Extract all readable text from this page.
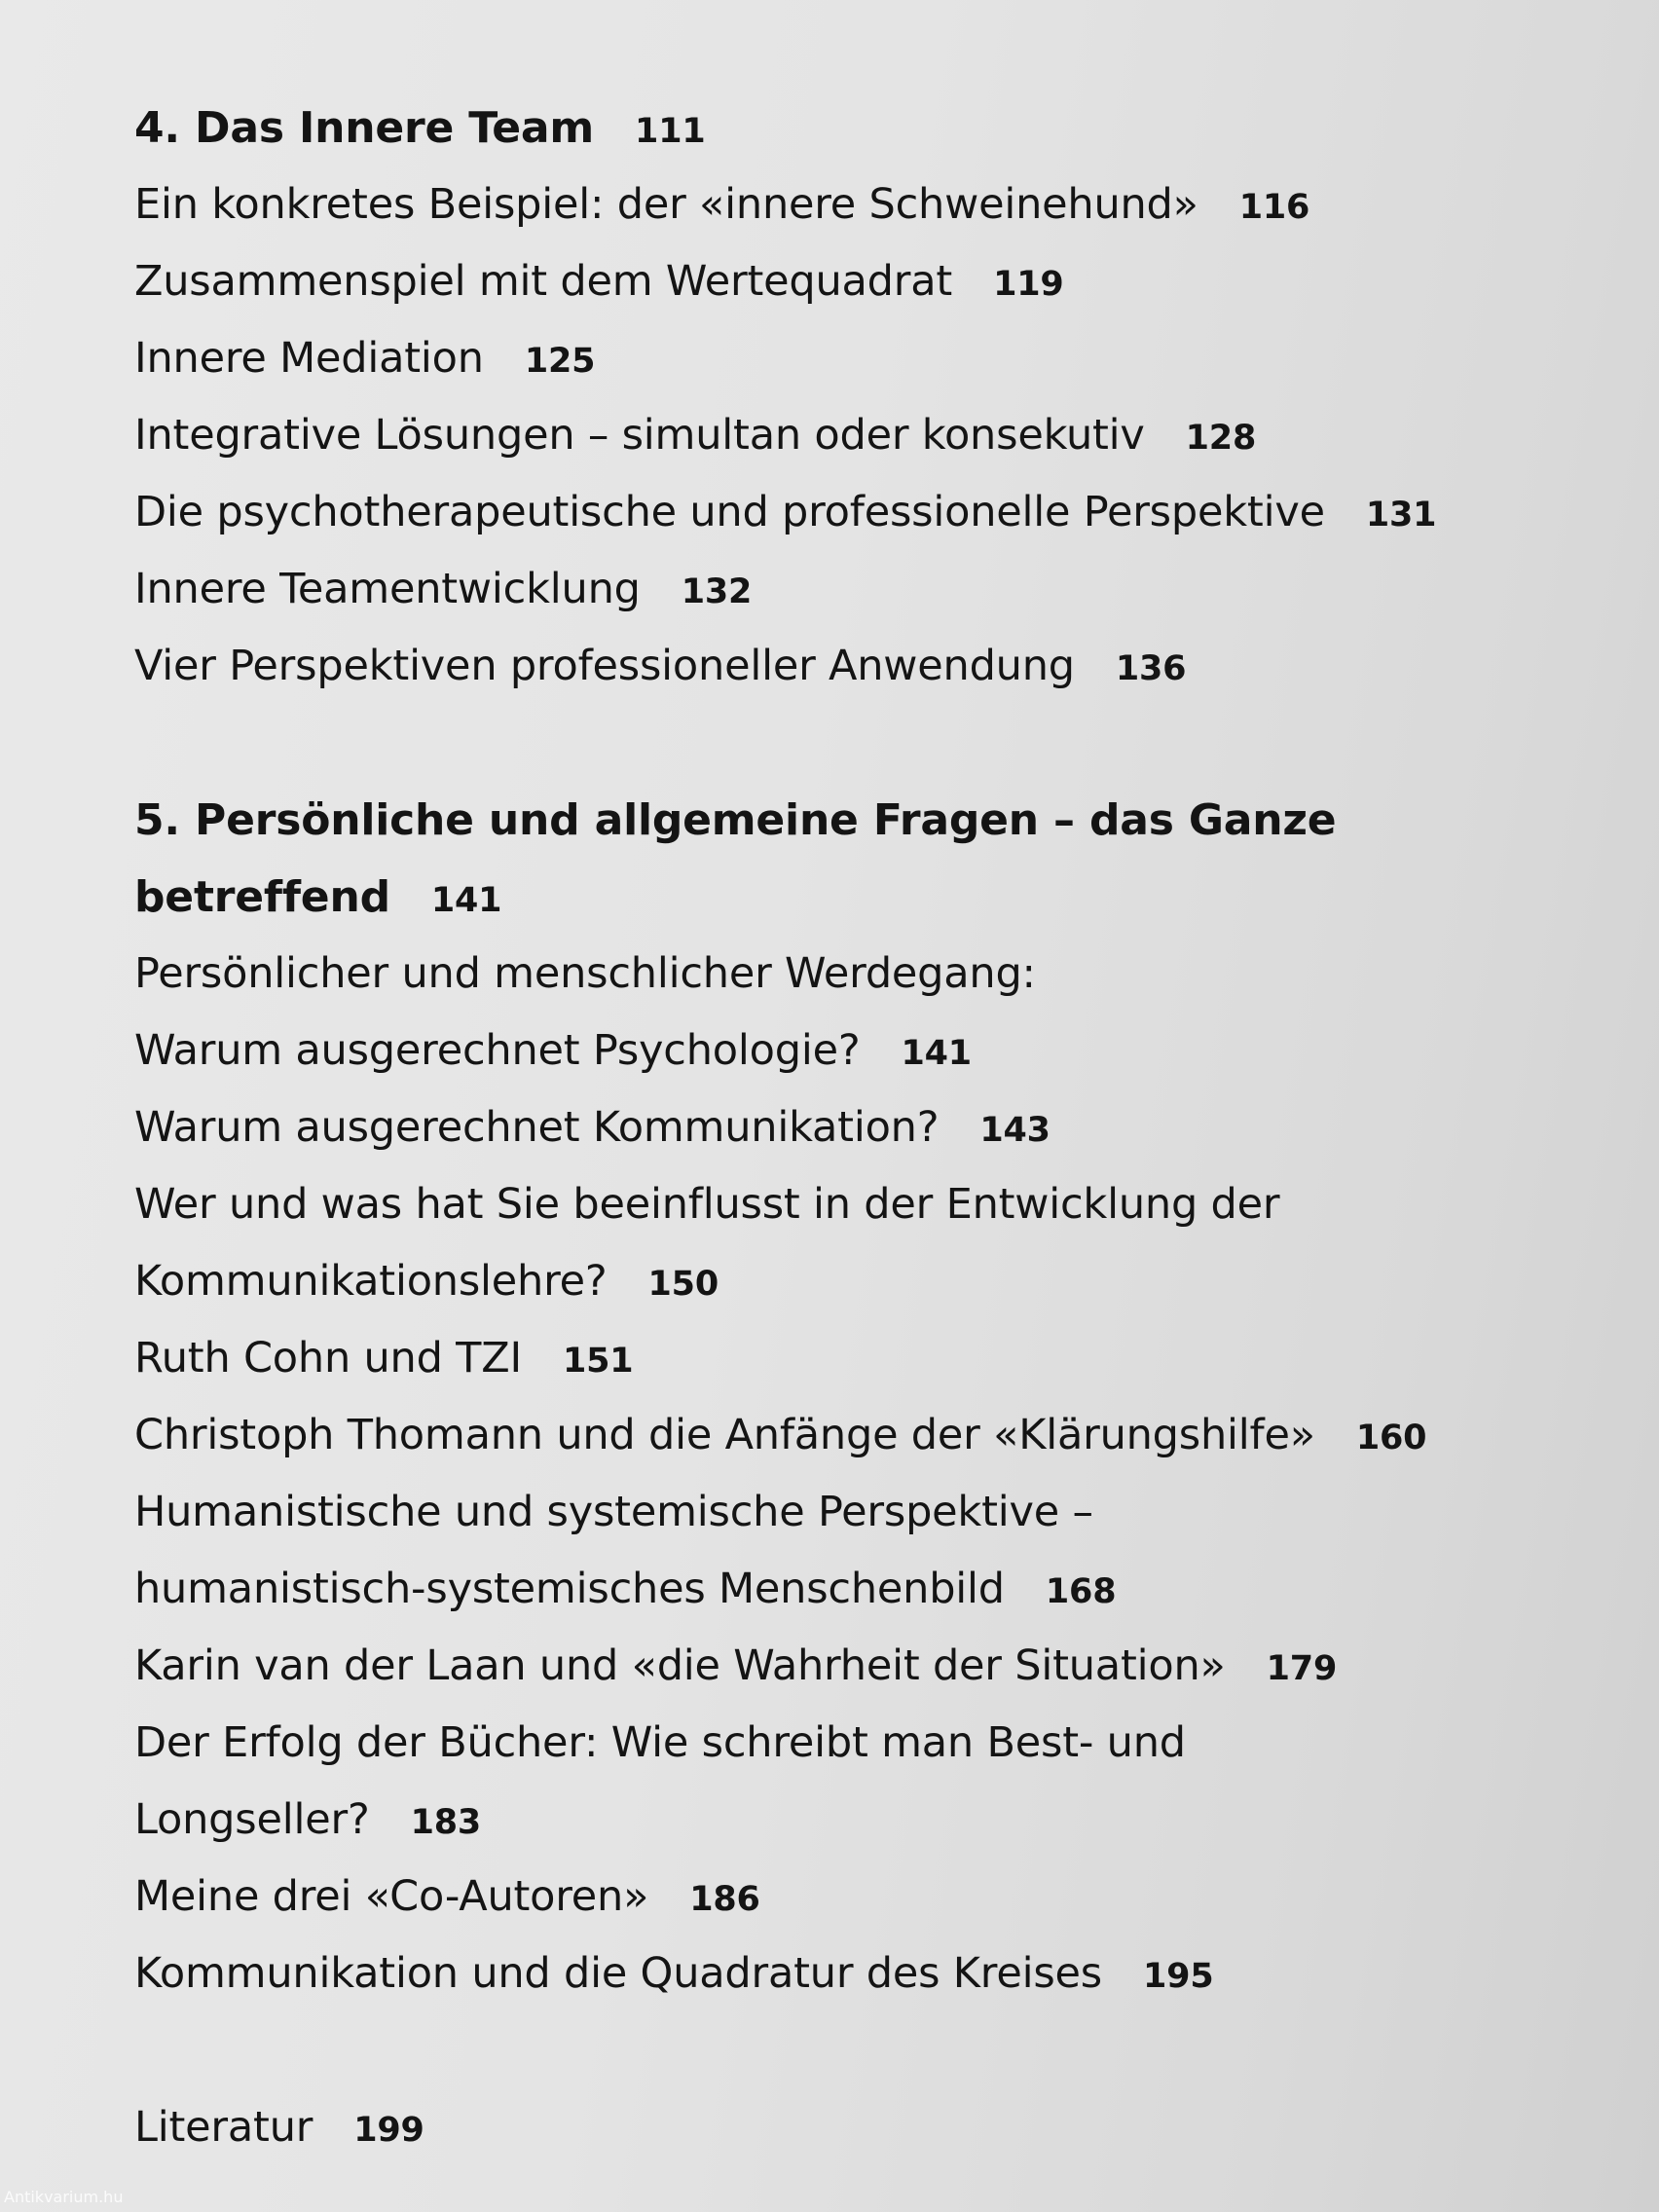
4. Das Innere Team 111
Ein konkretes Beispiel: der «innere Schweinehund» 116
Zusammenspiel mit dem Wertequadrat 119
Innere Mediation 125
Integrative Lösungen – simultan oder konsekutiv 128
Die psychotherapeutische und professionelle Perspektive 131
Innere Teamentwicklung 132
Vier Perspektiven professioneller Anwendung 136
5. Persönliche und allgemeine Fragen – das Ganze
betreffend 141
Persönlicher und menschlicher Werdegang:
Warum ausgerechnet Psychologie? 141
Warum ausgerechnet Kommunikation? 143
Wer und was hat Sie beeinflusst in der Entwicklung der
Kommunikationslehre? 150
Ruth Cohn und TZI 151
Christoph Thomann und die Anfänge der «Klärungshilfe» 160
Humanistische und systemische Perspektive –
humanistisch-systemisches Menschenbild 168
Karin van der Laan und «die Wahrheit der Situation» 179
Der Erfolg der Bücher: Wie schreibt man Best- und
Longseller? 183
Meine drei «Co-Autoren» 186
Kommunikation und die Quadratur des Kreises 195
Literatur 199
Antikvarium.hu
